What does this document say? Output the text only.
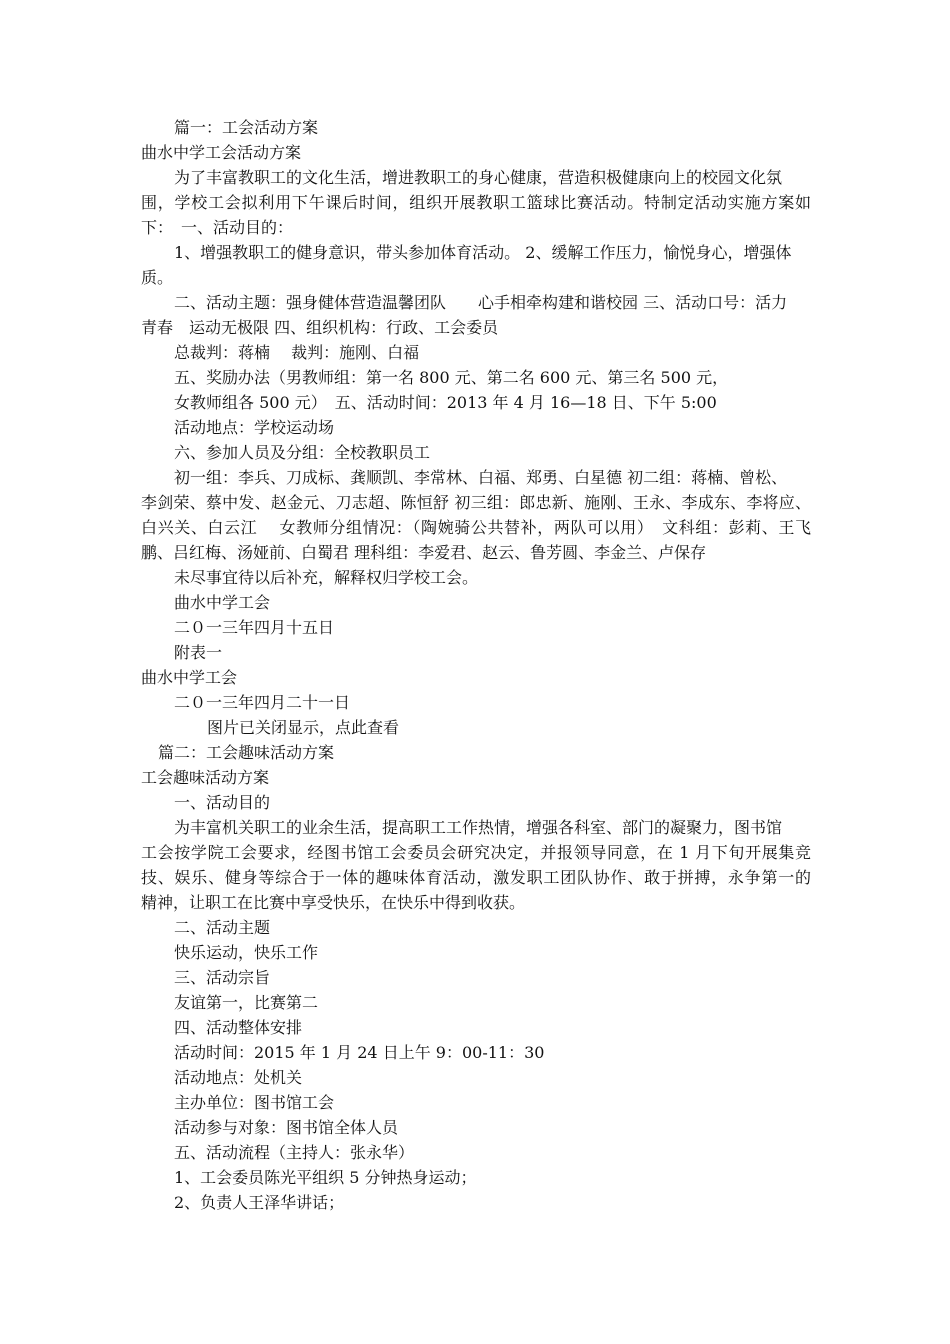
篇一：工会活动方案
曲水中学工会活动方案
为了丰富教职工的文化生活，增进教职工的身心健康，营造积极健康向上的校园文化氛
围，学校工会拟利用下午课后时间，组织开展教职工篮球比赛活动。特制定活动实施方案如
下：　一、活动目的：
1、增强教职工的健身意识，带头参加体育活动。 2、缓解工作压力，愉悦身心，增强体
质。
二、活动主题：强身健体营造温馨团队　　心手相牵构建和谐校园 三、活动口号：活力
青春　运动无极限 四、组织机构：行政、工会委员
总裁判：蒋楠　 裁判：施刚、白福
五、奖励办法（男教师组：第一名 800 元、第二名 600 元、第三名 500 元，
女教师组各 500 元）　五、活动时间：2013 年 4 月 16—18 日、下午 5:00
活动地点：学校运动场
六、参加人员及分组：全校教职员工
初一组：李兵、刀成标、龚顺凯、李常林、白福、郑勇、白星德 初二组：蒋楠、曾松、
李剑荣、蔡中发、赵金元、刀志超、陈恒舒 初三组：郎忠新、施刚、王永、李成东、李将应、
白兴关、白云江　 女教师分组情况：（陶婉骑公共替补，两队可以用）　文科组：彭莉、王飞
鹏、吕红梅、汤娅前、白蜀君 理科组：李爱君、赵云、鲁芳圆、李金兰、卢保存
未尽事宜待以后补充，解释权归学校工会。
曲水中学工会
二０一三年四月十五日
附表一
曲水中学工会
二０一三年四月二十一日
图片已关闭显示，点此查看
篇二：工会趣味活动方案
工会趣味活动方案
一、活动目的
为丰富机关职工的业余生活，提高职工工作热情，增强各科室、部门的凝聚力，图书馆
工会按学院工会要求，经图书馆工会委员会研究决定，并报领导同意，在 1 月下旬开展集竞
技、娱乐、健身等综合于一体的趣味体育活动，激发职工团队协作、敢于拼搏，永争第一的
精神，让职工在比赛中享受快乐，在快乐中得到收获。
二、活动主题
快乐运动，快乐工作
三、活动宗旨
友谊第一，比赛第二
四、活动整体安排
活动时间：2015 年 1 月 24 日上午 9：00-11：30
活动地点：处机关
主办单位：图书馆工会
活动参与对象：图书馆全体人员
五、活动流程（主持人：张永华）
1、工会委员陈光平组织 5 分钟热身运动；
2、负责人王泽华讲话；
